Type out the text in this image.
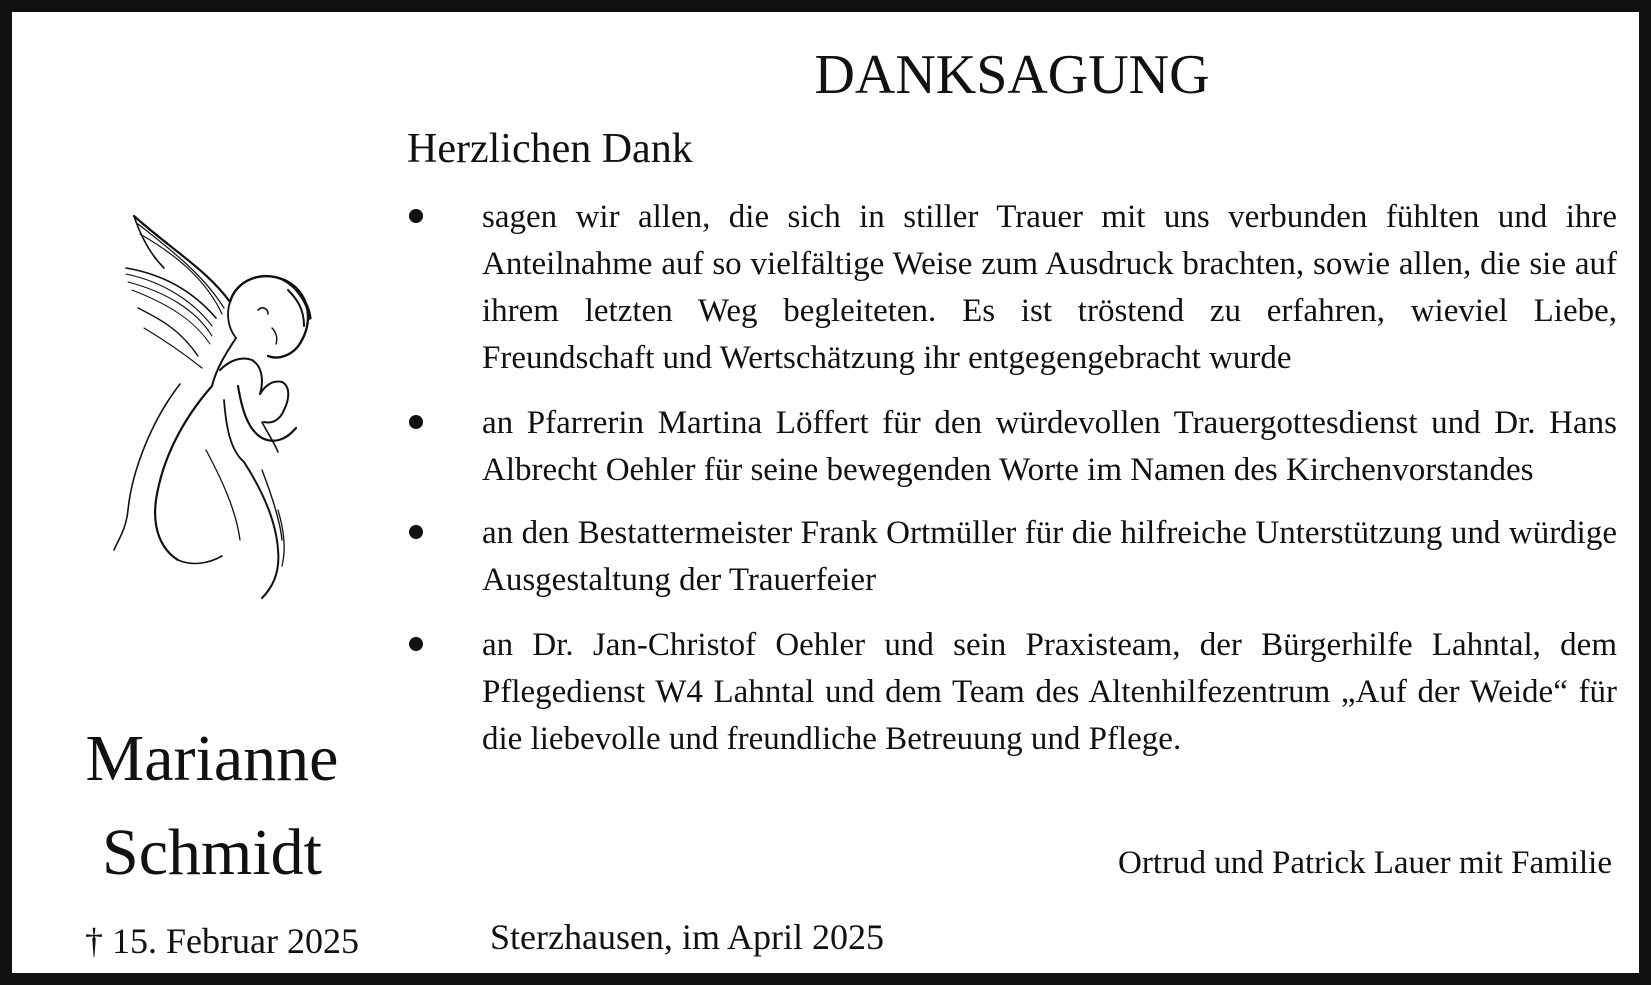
DANKSAGUNG
Herzlichen Dank
sagen wir allen, die sich in stiller Trauer mit uns verbunden fühlten und ihre Anteilnahme auf so vielfältige Weise zum Ausdruck brachten, sowie allen, die sie auf ihrem letzten Weg begleiteten. Es ist tröstend zu erfahren, wieviel Liebe, Freundschaft und Wertschätzung ihr entgegengebracht wurde
an Pfarrerin Martina Löffert für den würdevollen Trauergottesdienst und Dr. Hans Albrecht Oehler für seine bewegenden Worte im Namen des Kirchenvorstandes
an den Bestattermeister Frank Ortmüller für die hilfreiche Unterstützung und würdige Ausgestaltung der Trauerfeier
an Dr. Jan-Christof Oehler und sein Praxisteam, der Bürgerhilfe Lahntal, dem Pflegedienst W4 Lahntal und dem Team des Altenhilfezentrum „Auf der Weide“ für die liebevolle und freundliche Betreuung und Pflege.
Ortrud und Patrick Lauer mit Familie
Sterzhausen, im April 2025
Marianne
Schmidt
† 15. Februar 2025
